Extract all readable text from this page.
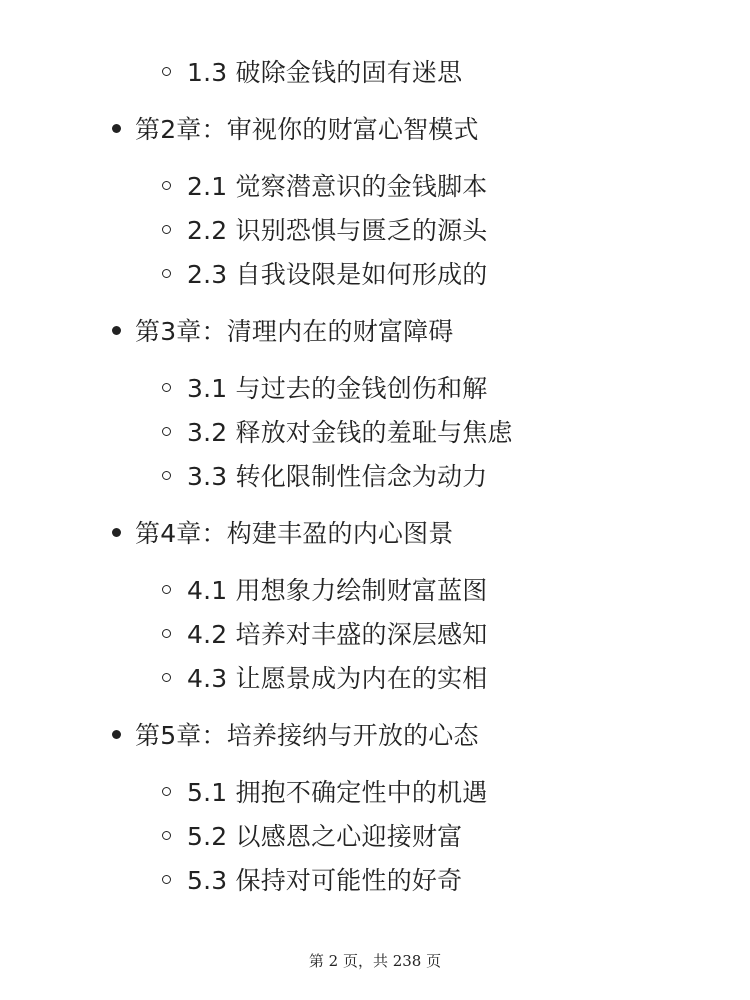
1.3 破除金钱的固有迷思
第2章：审视你的财富心智模式
2.1 觉察潜意识的金钱脚本
2.2 识别恐惧与匮乏的源头
2.3 自我设限是如何形成的
第3章：清理内在的财富障碍
3.1 与过去的金钱创伤和解
3.2 释放对金钱的羞耻与焦虑
3.3 转化限制性信念为动力
第4章：构建丰盈的内心图景
4.1 用想象力绘制财富蓝图
4.2 培养对丰盛的深层感知
4.3 让愿景成为内在的实相
第5章：培养接纳与开放的心态
5.1 拥抱不确定性中的机遇
5.2 以感恩之心迎接财富
5.3 保持对可能性的好奇
第 2 页，共 238 页
